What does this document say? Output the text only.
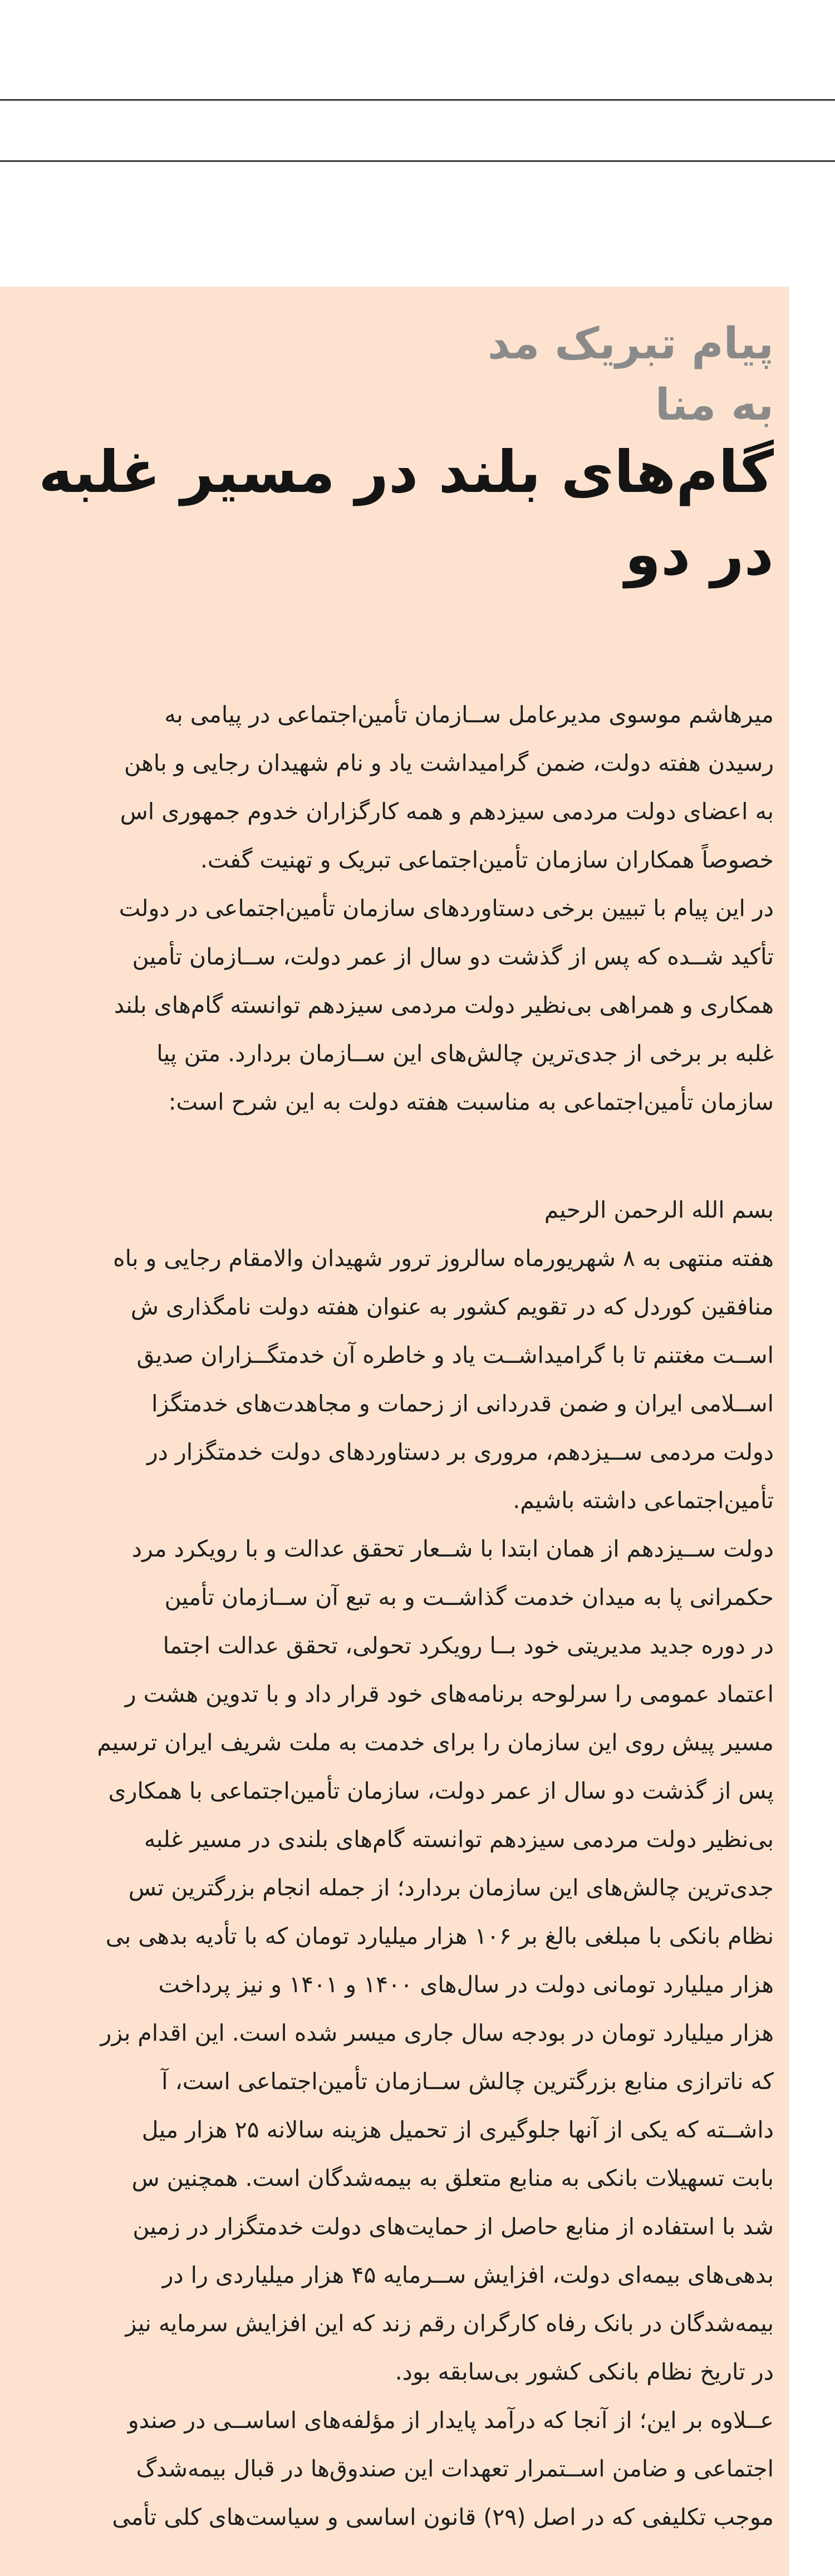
پیام تبریک مد
به منا
گام‌های بلند در مسیر غلبه
در دو
میرهاشم موسوی مدیرعامل ســازمان تأمین‌اجتماعی در پیامی به
رسیدن هفته دولت، ضمن گرامیداشت یاد و نام شهیدان رجایی و باهن
به اعضای دولت مردمی سیزدهم و همه کارگزاران خدوم جمهوری اس
خصوصاً همکاران سازمان تأمین‌اجتماعی تبریک و تهنیت گفت.
در این پیام با تبیین برخی دستاوردهای سازمان تأمین‌اجتماعی در دولت
تأکید شــده که پس از گذشت دو سال از عمر دولت، ســازمان تأمین
همکاری و همراهی بی‌نظیر دولت مردمی سیزدهم توانسته گام‌های بلند
غلبه بر برخی از جدی‌ترین چالش‌های این ســازمان بردارد. متن پیا
سازمان تأمین‌اجتماعی به مناسبت هفته دولت به این شرح است:
بسم الله الرحمن الرحیم
هفته منتهی به ۸ شهریورماه سالروز ترور شهیدان والامقام رجایی و باه
منافقین کوردل که در تقویم کشور به عنوان هفته دولت نامگذاری ش
اســت مغتنم تا با گرامیداشــت یاد و خاطره آن خدمتگــزاران صدیق
اســلامی ایران و ضمن قدردانی از زحمات و مجاهدت‌های خدمتگزا
دولت مردمی ســیزدهم، مروری بر دستاوردهای دولت خدمتگزار در
تأمین‌اجتماعی داشته باشیم.
دولت ســیزدهم از همان ابتدا با شــعار تحقق عدالت و با رویکرد مرد
حکمرانی پا به میدان خدمت گذاشــت و به تبع آن ســازمان تأمین
در دوره جدید مدیریتی خود بــا رویکرد تحولی، تحقق عدالت اجتما
اعتماد عمومی را سرلوحه برنامه‌های خود قرار داد و با تدوین هشت ر
مسیر پیش روی این سازمان را برای خدمت به ملت شریف ایران ترسیم
پس از گذشت دو سال از عمر دولت، سازمان تأمین‌اجتماعی با همکاری
بی‌نظیر دولت مردمی سیزدهم توانسته گام‌های بلندی در مسیر غلبه
جدی‌ترین چالش‌های این سازمان بردارد؛ از جمله انجام بزرگترین تس
نظام بانکی با مبلغی بالغ بر ۱۰۶ هزار میلیارد تومان که با تأدیه بدهی بی
هزار میلیارد تومانی دولت در سال‌های ۱۴۰۰ و ۱۴۰۱ و نیز پرداخت
هزار میلیارد تومان در بودجه سال جاری میسر شده است. این اقدام بزر
که ناترازی منابع بزرگترین چالش ســازمان تأمین‌اجتماعی است، آ
داشــته که یکی از آنها جلوگیری از تحمیل هزینه سالانه ۲۵ هزار میل
بابت تسهیلات بانکی به منابع متعلق به بیمه‌شدگان است. همچنین س
شد با استفاده از منابع حاصل از حمایت‌های دولت خدمتگزار در زمین
بدهی‌های بیمه‌ای دولت، افزایش ســرمایه ۴۵ هزار میلیاردی را در
بیمه‌شدگان در بانک رفاه کارگران رقم زند که این افزایش سرمایه نیز
در تاریخ نظام بانکی کشور بی‌سابقه بود.
عــلاوه بر این؛ از آنجا که درآمد پایدار از مؤلفه‌های اساســی در صندو
اجتماعی و ضامن اســتمرار تعهدات این صندوق‌ها در قبال بیمه‌شدگ
موجب تکلیفی که در اصل (۲۹) قانون اساسی و سیاست‌های کلی تأمی
